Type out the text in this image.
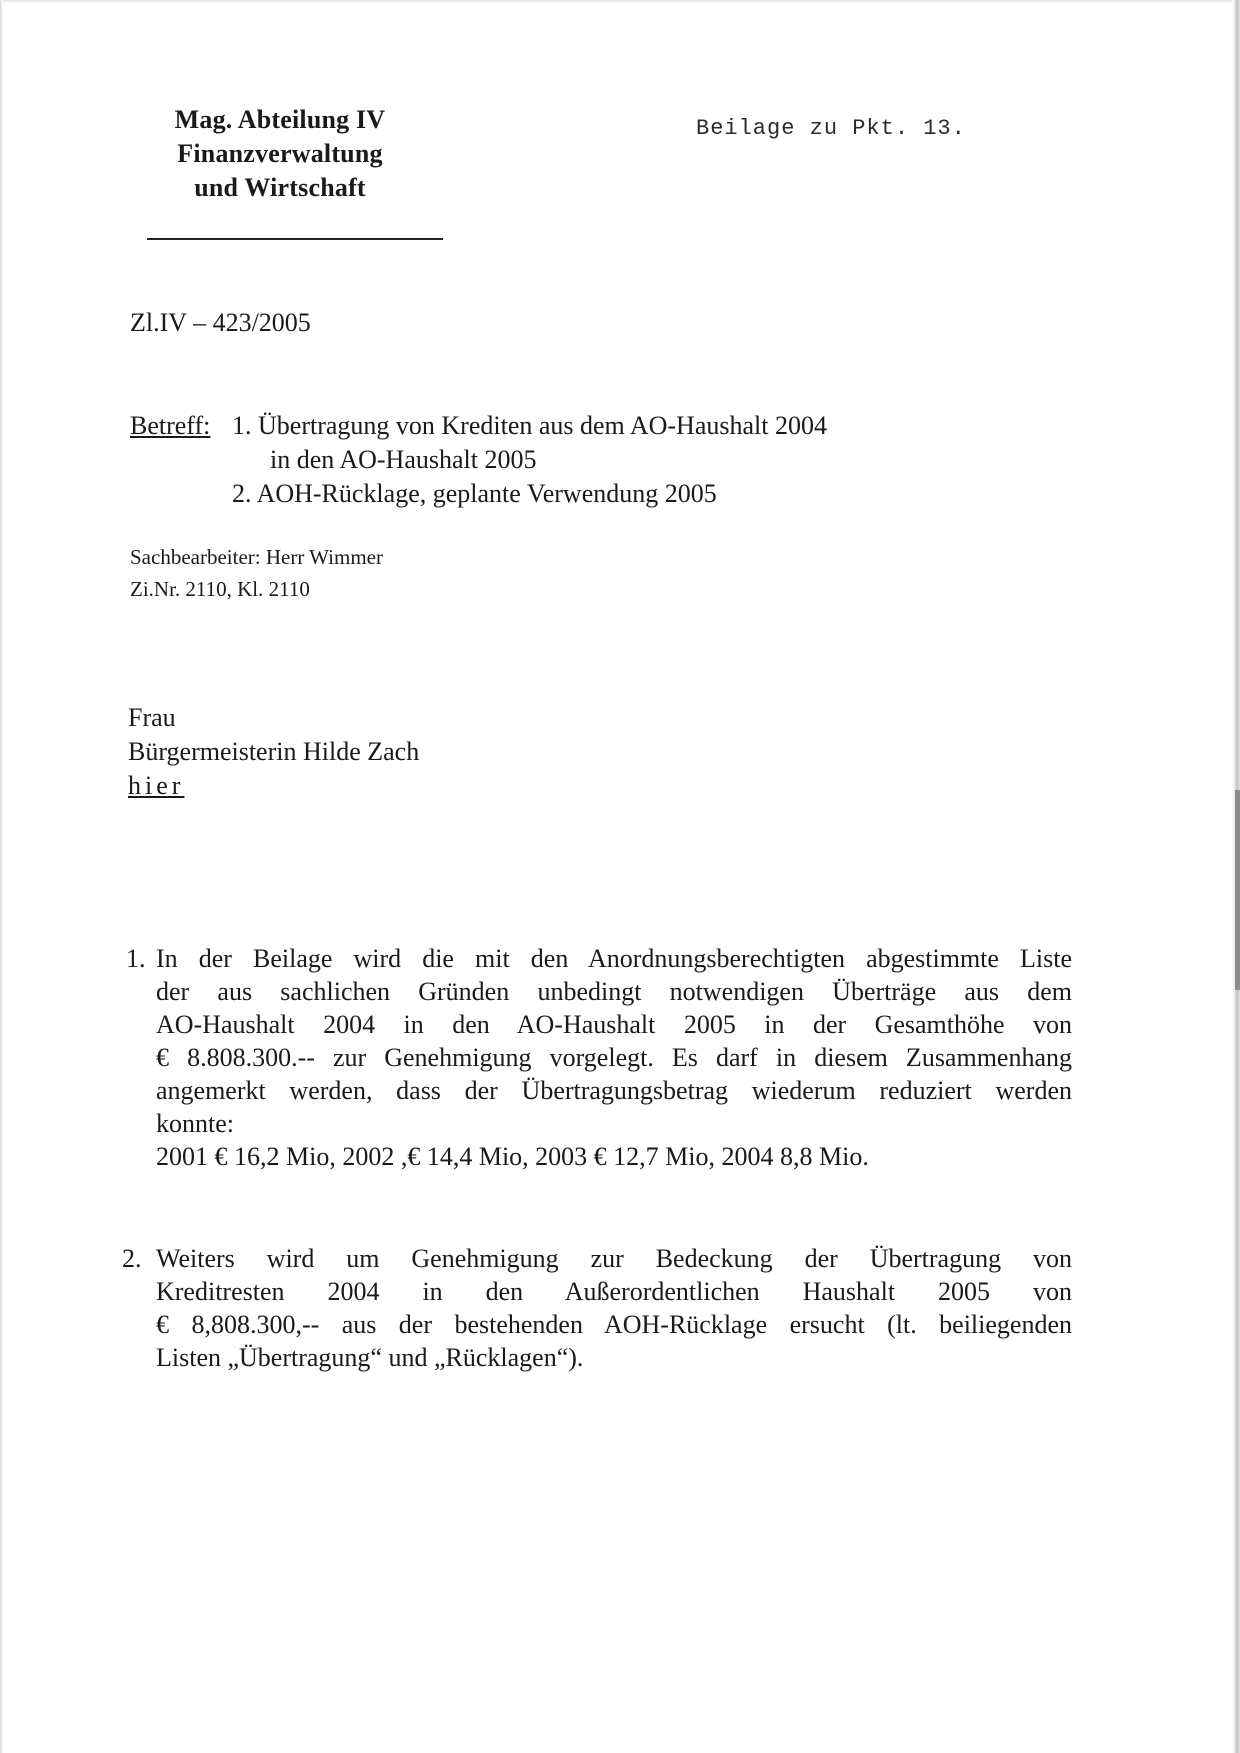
Mag. Abteilung IV
Finanzverwaltung
und Wirtschaft
Beilage zu Pkt. 13.
Zl.IV – 423/2005
Betreff: 1. Übertragung von Krediten aus dem AO-Haushalt 2004
in den AO-Haushalt 2005
2. AOH-Rücklage, geplante Verwendung 2005
Sachbearbeiter: Herr Wimmer
Zi.Nr. 2110, Kl. 2110
Frau
Bürgermeisterin Hilde Zach
hier
1. In der Beilage wird die mit den Anordnungsberechtigten abgestimmte Liste
der aus sachlichen Gründen unbedingt notwendigen Überträge aus dem
AO-Haushalt 2004 in den AO-Haushalt 2005 in der Gesamthöhe von
€ 8.808.300.-- zur Genehmigung vorgelegt. Es darf in diesem Zusammenhang
angemerkt werden, dass der Übertragungsbetrag wiederum reduziert werden
konnte:
2001 € 16,2 Mio, 2002 ,€ 14,4 Mio, 2003 € 12,7 Mio, 2004 8,8 Mio.
2. Weiters wird um Genehmigung zur Bedeckung der Übertragung von
Kreditresten 2004 in den Außerordentlichen Haushalt 2005 von
€ 8,808.300,-- aus der bestehenden AOH-Rücklage ersucht (lt. beiliegenden
Listen „Übertragung“ und „Rücklagen“).
